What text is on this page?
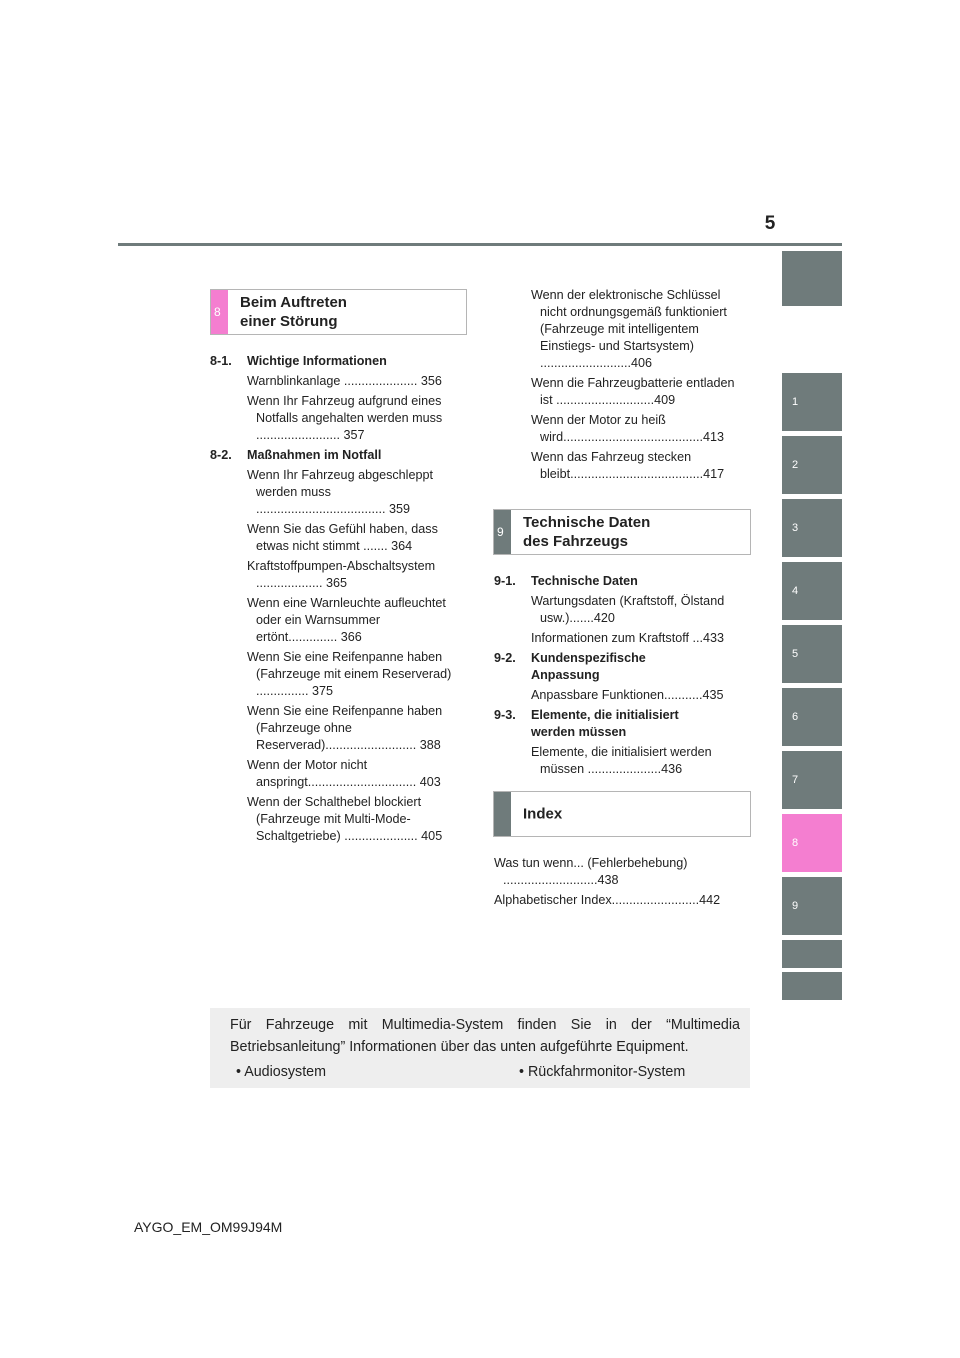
5
1
2
3
4
5
6
7
8
9
8
Beim Auftreten
einer Störung
8-1. Wichtige Informationen
Warnblinkanlage ..................... 356
Wenn Ihr Fahrzeug aufgrund eines Notfalls angehalten werden muss ........................ 357
8-2. Maßnahmen im Notfall
Wenn Ihr Fahrzeug abgeschleppt werden muss ..................................... 359
Wenn Sie das Gefühl haben, dass etwas nicht stimmt ....... 364
Kraftstoffpumpen-Abschaltsystem ................... 365
Wenn eine Warnleuchte aufleuchtet oder ein Warnsummer ertönt.............. 366
Wenn Sie eine Reifenpanne haben (Fahrzeuge mit einem Reserverad) ............... 375
Wenn Sie eine Reifenpanne haben (Fahrzeuge ohne Reserverad).......................... 388
Wenn der Motor nicht anspringt............................... 403
Wenn der Schalthebel blockiert (Fahrzeuge mit Multi-Mode-Schaltgetriebe) ..................... 405
Wenn der elektronische Schlüssel nicht ordnungsgemäß funktioniert (Fahrzeuge mit intelligentem Einstiegs- und Startsystem) ..........................406
Wenn die Fahrzeugbatterie entladen ist ............................409
Wenn der Motor zu heiß wird........................................413
Wenn das Fahrzeug stecken bleibt......................................417
9
Technische Daten
des Fahrzeugs
9-1. Technische Daten
Wartungsdaten (Kraftstoff, Ölstand usw.).......420
Informationen zum Kraftstoff ...433
9-2. Kundenspezifische Anpassung
Anpassbare Funktionen...........435
9-3. Elemente, die initialisiert werden müssen
Elemente, die initialisiert werden müssen .....................436
Index
Was tun wenn... (Fehlerbehebung) ...........................438
Alphabetischer Index.........................442
Für Fahrzeuge mit Multimedia-System finden Sie in der “Multimedia Betriebsanleitung” Informationen über das unten aufgeführte Equipment.
• Audiosystem	• Rückfahrmonitor-System
AYGO_EM_OM99J94M
